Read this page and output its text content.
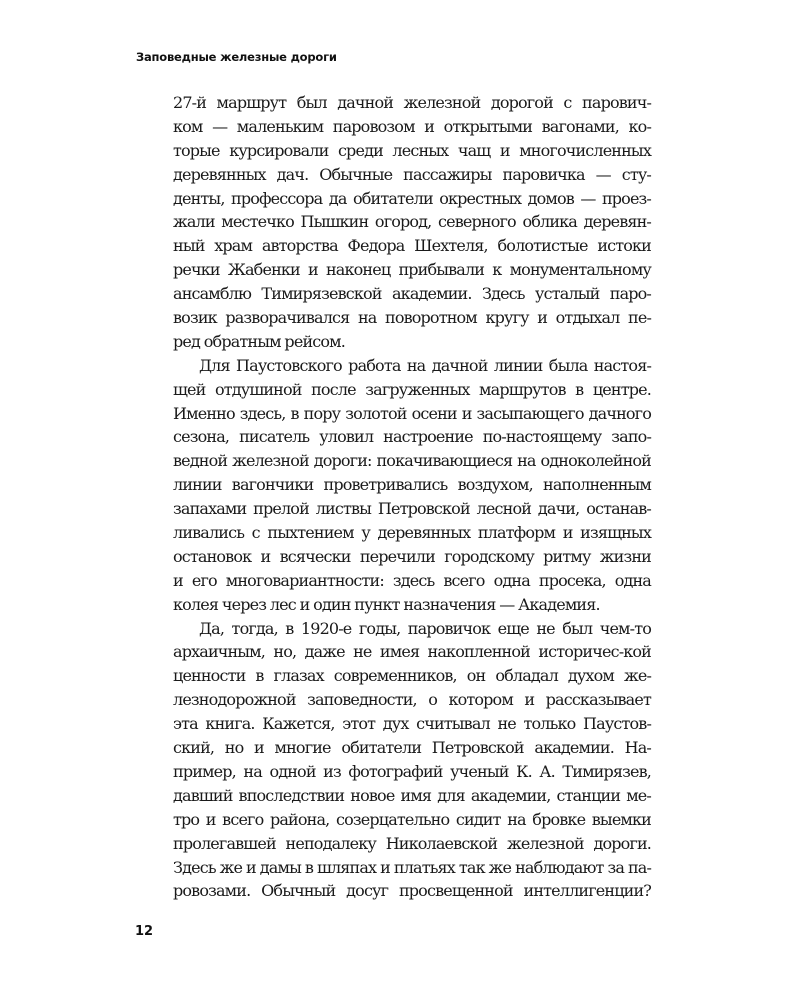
Заповедные железные дороги
27-й маршрут был дачной железной дорогой с парович-
ком — маленьким паровозом и открытыми вагонами, ко-
торые курсировали среди лесных чащ и многочисленных
деревянных дач. Обычные пассажиры паровичка — сту-
денты, профессора да обитатели окрестных домов — проез-
жали местечко Пышкин огород, северного облика деревян-
ный храм авторства Федора Шехтеля, болотистые истоки
речки Жабенки и наконец прибывали к монументальному
ансамблю Тимирязевской академии. Здесь усталый паро-
возик разворачивался на поворотном кругу и отдыхал пе-
ред обратным рейсом.
Для Паустовского работа на дачной линии была настоя-
щей отдушиной после загруженных маршрутов в центре.
Именно здесь, в пору золотой осени и засыпающего дачного
сезона, писатель уловил настроение по-настоящему запо-
ведной железной дороги: покачивающиеся на одноколейной
линии вагончики проветривались воздухом, наполненным
запахами прелой листвы Петровской лесной дачи, останав-
ливались с пыхтением у деревянных платформ и изящных
остановок и всячески перечили городскому ритму жизни
и его многовариантности: здесь всего одна просека, одна
колея через лес и один пункт назначения — Академия.
Да, тогда, в 1920-е годы, паровичок еще не был чем-то
архаичным, но, даже не имея накопленной историчес-кой
ценности в глазах современников, он обладал духом же-
лезнодорожной заповедности, о котором и рассказывает
эта книга. Кажется, этот дух считывал не только Паустов-
ский, но и многие обитатели Петровской академии. На-
пример, на одной из фотографий ученый К. А. Тимирязев,
давший впоследствии новое имя для академии, станции ме-
тро и всего района, созерцательно сидит на бровке выемки
пролегавшей неподалеку Николаевской железной дороги.
Здесь же и дамы в шляпах и платьях так же наблюдают за па-
ровозами. Обычный досуг просвещенной интеллигенции?
12
